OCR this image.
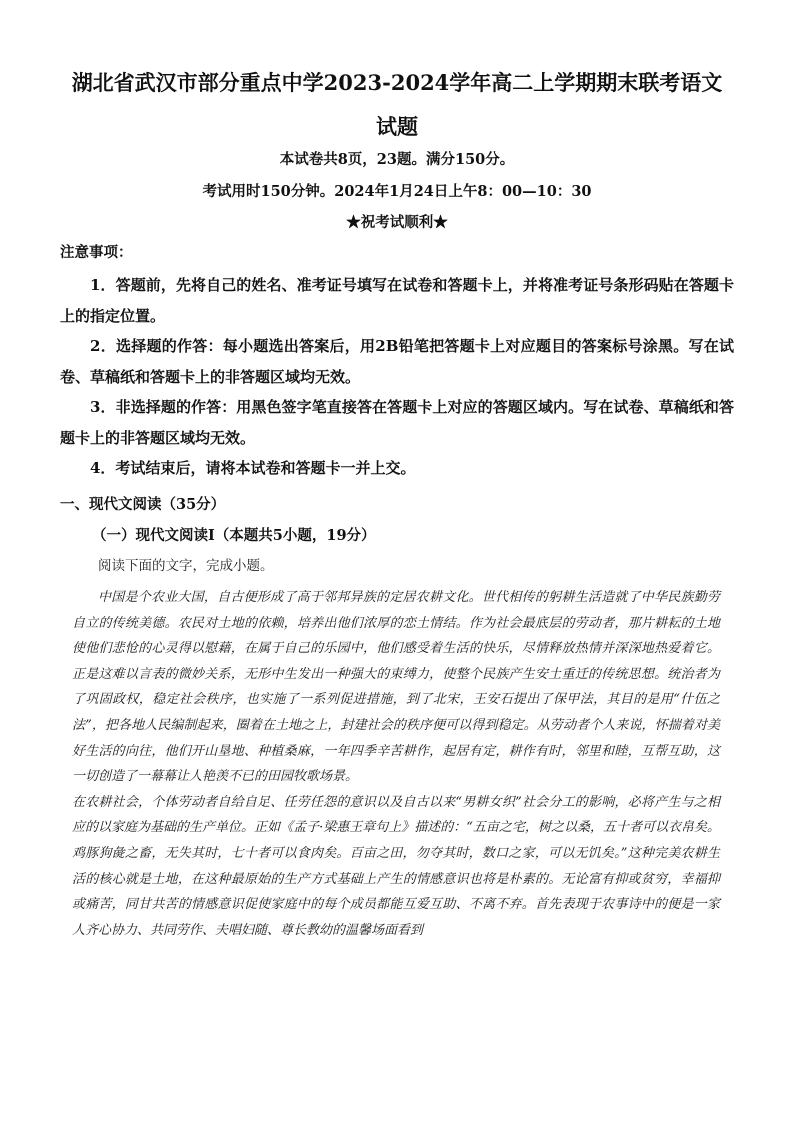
湖北省武汉市部分重点中学2023-2024学年高二上学期期末联考语文
试题
本试卷共8页，23题。满分150分。
考试用时150分钟。2024年1月24日上午8：00—10：30
★祝考试顺利★
注意事项：

1．答题前，先将自己的姓名、准考证号填写在试卷和答题卡上，并将准考证号条形码贴在答题卡上的指定位置。

2．选择题的作答：每小题选出答案后，用2B铅笔把答题卡上对应题目的答案标号涂黑。写在试卷、草稿纸和答题卡上的非答题区域均无效。

3．非选择题的作答：用黑色签字笔直接答在答题卡上对应的答题区域内。写在试卷、草稿纸和答题卡上的非答题区域均无效。

4．考试结束后，请将本试卷和答题卡一并上交。

一、现代文阅读（35分）
（一）现代文阅读Ⅰ（本题共5小题，19分）
阅读下面的文字，完成小题。

中国是个农业大国，自古便形成了高于邻邦异族的定居农耕文化。世代相传的躬耕生活造就了中华民族勤劳自立的传统美德。农民对土地的依赖，培养出他们浓厚的恋土情结。作为社会最底层的劳动者，那片耕耘的土地使他们悲怆的心灵得以慰藉，在属于自己的乐园中，他们感受着生活的快乐，尽情释放热情并深深地热爱着它。正是这难以言表的微妙关系，无形中生发出一种强大的束缚力，使整个民族产生安土重迁的传统思想。统治者为了巩固政权，稳定社会秩序，也实施了一系列促进措施，到了北宋，王安石提出了保甲法，其目的是用“什伍之法”，把各地人民编制起来，圈着在土地之上，封建社会的秩序便可以得到稳定。从劳动者个人来说，怀揣着对美好生活的向往，他们开山垦地、种植桑麻，一年四季辛苦耕作，起居有定，耕作有时，邻里和睦，互帮互助，这一切创造了一幕幕让人艳羡不已的田园牧歌场景。

在农耕社会，个体劳动者自给自足、任劳任怨的意识以及自古以来“男耕女织”社会分工的影响，必将产生与之相应的以家庭为基础的生产单位。正如《孟子·梁惠王章句上》描述的：“五亩之宅，树之以桑，五十者可以衣帛矣。鸡豚狗彘之畜，无失其时，七十者可以食肉矣。百亩之田，勿夺其时，数口之家，可以无饥矣。”这种完美农耕生活的核心就是土地，在这种最原始的生产方式基础上产生的情感意识也将是朴素的。无论富有抑或贫穷，幸福抑或痛苦，同甘共苦的情感意识促使家庭中的每个成员都能互爱互助、不离不弃。首先表现于农事诗中的便是一家人齐心协力、共同劳作、夫唱妇随、尊长教幼的温馨场面看到
